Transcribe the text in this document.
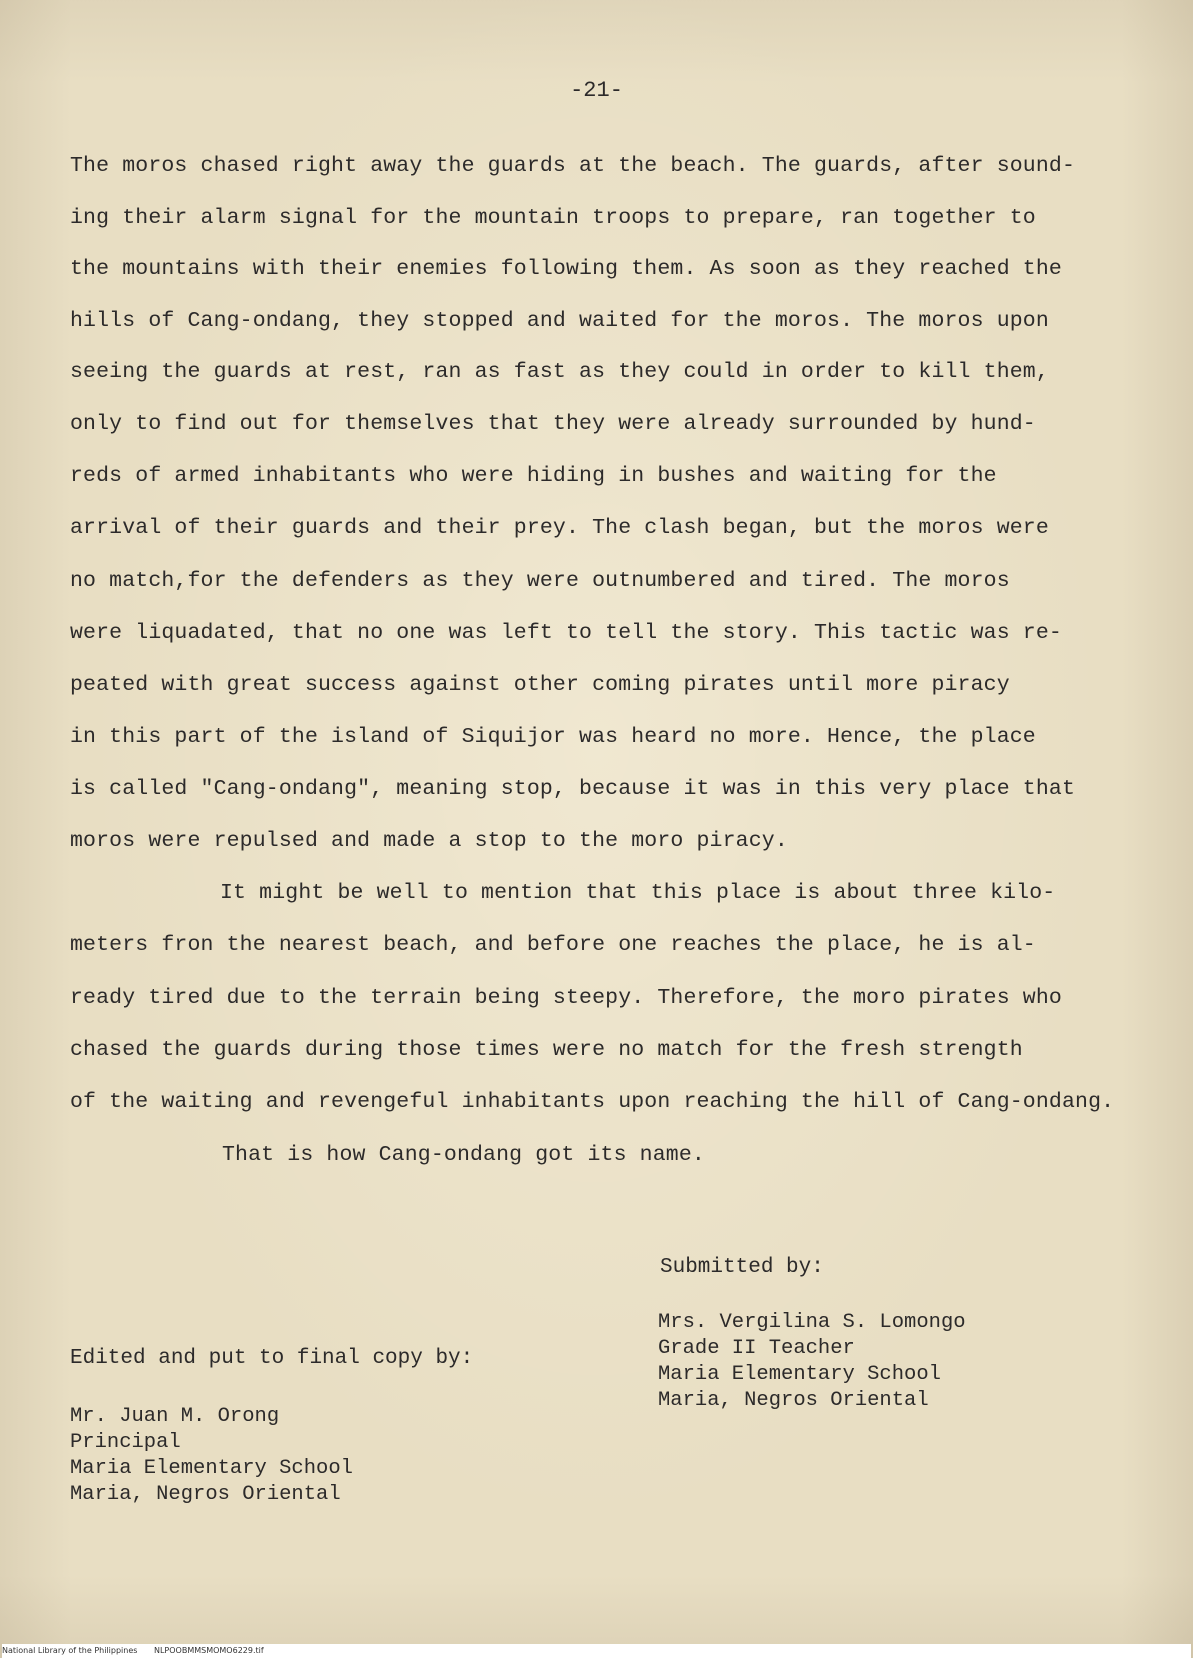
-21-
The moros chased right away the guards at the beach. The guards, after sound-
ing their alarm signal for the mountain troops to prepare, ran together to
the mountains with their enemies following them. As soon as they reached the
hills of Cang-ondang, they stopped and waited for the moros. The moros upon
seeing the guards at rest, ran as fast as they could in order to kill them,
only to find out for themselves that they were already surrounded by hund-
reds of armed inhabitants who were hiding in bushes and waiting for the
arrival of their guards and their prey. The clash began, but the moros were
no match,for the defenders as they were outnumbered and tired. The moros
were liquadated, that no one was left to tell the story. This tactic was re-
peated with great success against other coming pirates until more piracy
in this part of the island of Siquijor was heard no more. Hence, the place
is called "Cang-ondang", meaning stop, because it was in this very place that
moros were repulsed and made a stop to the moro piracy.
It might be well to mention that this place is about three kilo-
meters fron the nearest beach, and before one reaches the place, he is al-
ready tired due to the terrain being steepy. Therefore, the moro pirates who
chased the guards during those times were no match for the fresh strength
of the waiting and revengeful inhabitants upon reaching the hill of Cang-ondang.
That is how Cang-ondang got its name.
Submitted by:
Mrs. Vergilina S. Lomongo
Grade II Teacher
Maria Elementary School
Maria, Negros Oriental
Edited and put to final copy by:
Mr. Juan M. Orong
Principal
Maria Elementary School
Maria, Negros Oriental
National Library of the Philippines NLPOOBMMSMOMO6229.tif
